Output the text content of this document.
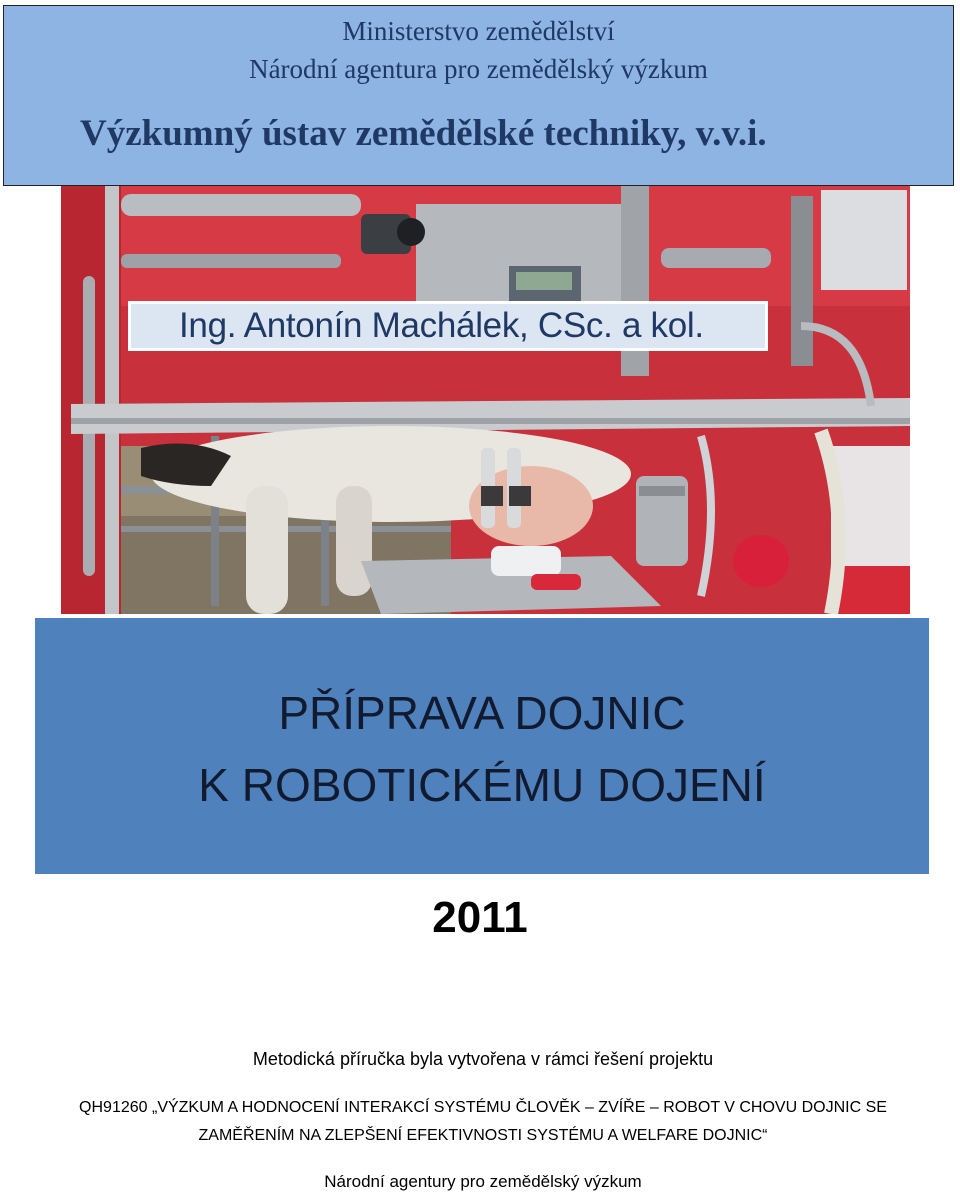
Ministerstvo zemědělství
Národní agentura pro zemědělský výzkum
Výzkumný ústav zemědělské techniky, v.v.i.
Ing. Antonín Machálek, CSc. a kol.
PŘÍPRAVA DOJNIC
K ROBOTICKÉMU DOJENÍ
2011
Metodická příručka byla vytvořena v rámci řešení projektu
QH91260 „VÝZKUM A HODNOCENÍ INTERAKCÍ SYSTÉMU ČLOVĚK – ZVÍŘE – ROBOT V CHOVU DOJNIC SE
ZAMĚŘENÍM NA ZLEPŠENÍ EFEKTIVNOSTI SYSTÉMU A WELFARE DOJNIC“
Národní agentury pro zemědělský výzkum
